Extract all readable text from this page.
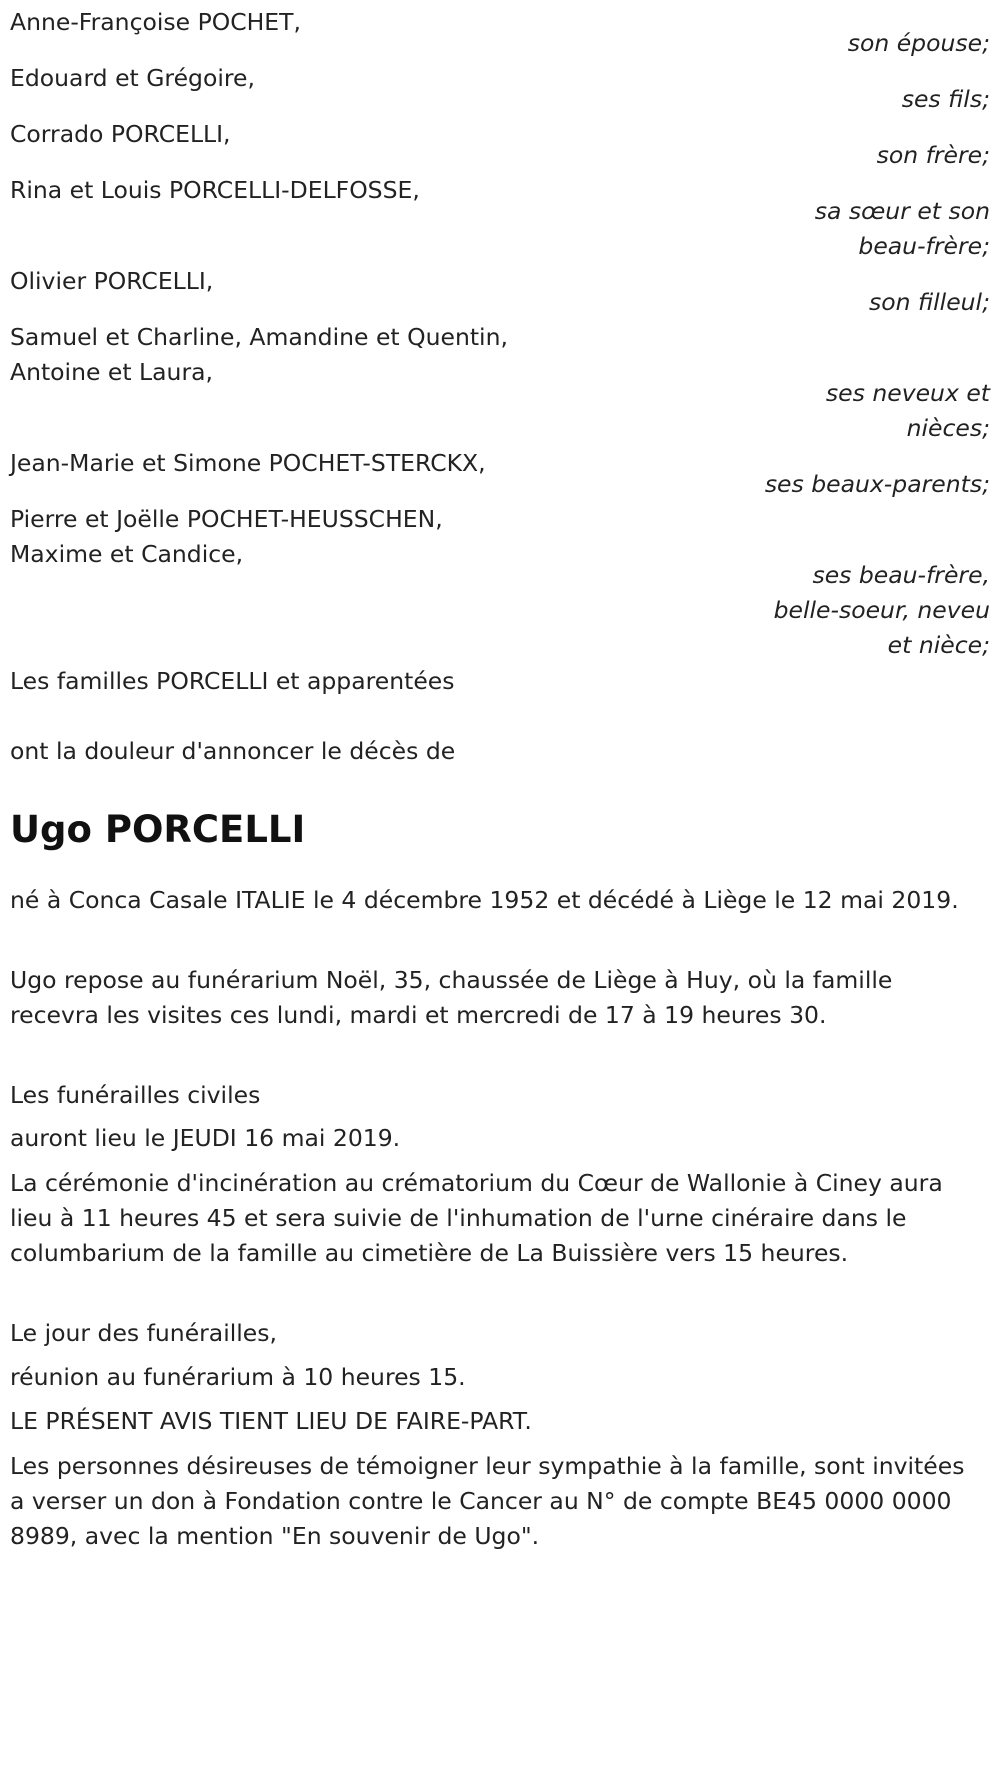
Anne-Françoise POCHET,
son épouse;
Edouard et Grégoire,
ses fils;
Corrado PORCELLI,
son frère;
Rina et Louis PORCELLI-DELFOSSE,
sa sœur et son
beau-frère;
Olivier PORCELLI,
son filleul;
Samuel et Charline, Amandine et Quentin,
Antoine et Laura,
ses neveux et
nièces;
Jean-Marie et Simone POCHET-STERCKX,
ses beaux-parents;
Pierre et Joëlle POCHET-HEUSSCHEN,
Maxime et Candice,
ses beau-frère,
belle-soeur, neveu
et nièce;
Les familles PORCELLI et apparentées
ont la douleur d'annoncer le décès de
Ugo PORCELLI
né à Conca Casale ITALIE le 4 décembre 1952 et décédé à Liège le 12 mai 2019.
Ugo repose au funérarium Noël, 35, chaussée de Liège à Huy, où la famille recevra les visites ces lundi, mardi et mercredi de 17 à 19 heures 30.
Les funérailles civiles
auront lieu le JEUDI 16 mai 2019.
La cérémonie d'incinération au crématorium du Cœur de Wallonie à Ciney aura lieu à 11 heures 45 et sera suivie de l'inhumation de l'urne cinéraire dans le columbarium de la famille au cimetière de La Buissière vers 15 heures.
Le jour des funérailles,
réunion au funérarium à 10 heures 15.
LE PRÉSENT AVIS TIENT LIEU DE FAIRE-PART.
Les personnes désireuses de témoigner leur sympathie à la famille, sont invitées a verser un don à Fondation contre le Cancer au N° de compte BE45 0000 0000 8989, avec la mention "En souvenir de Ugo".
